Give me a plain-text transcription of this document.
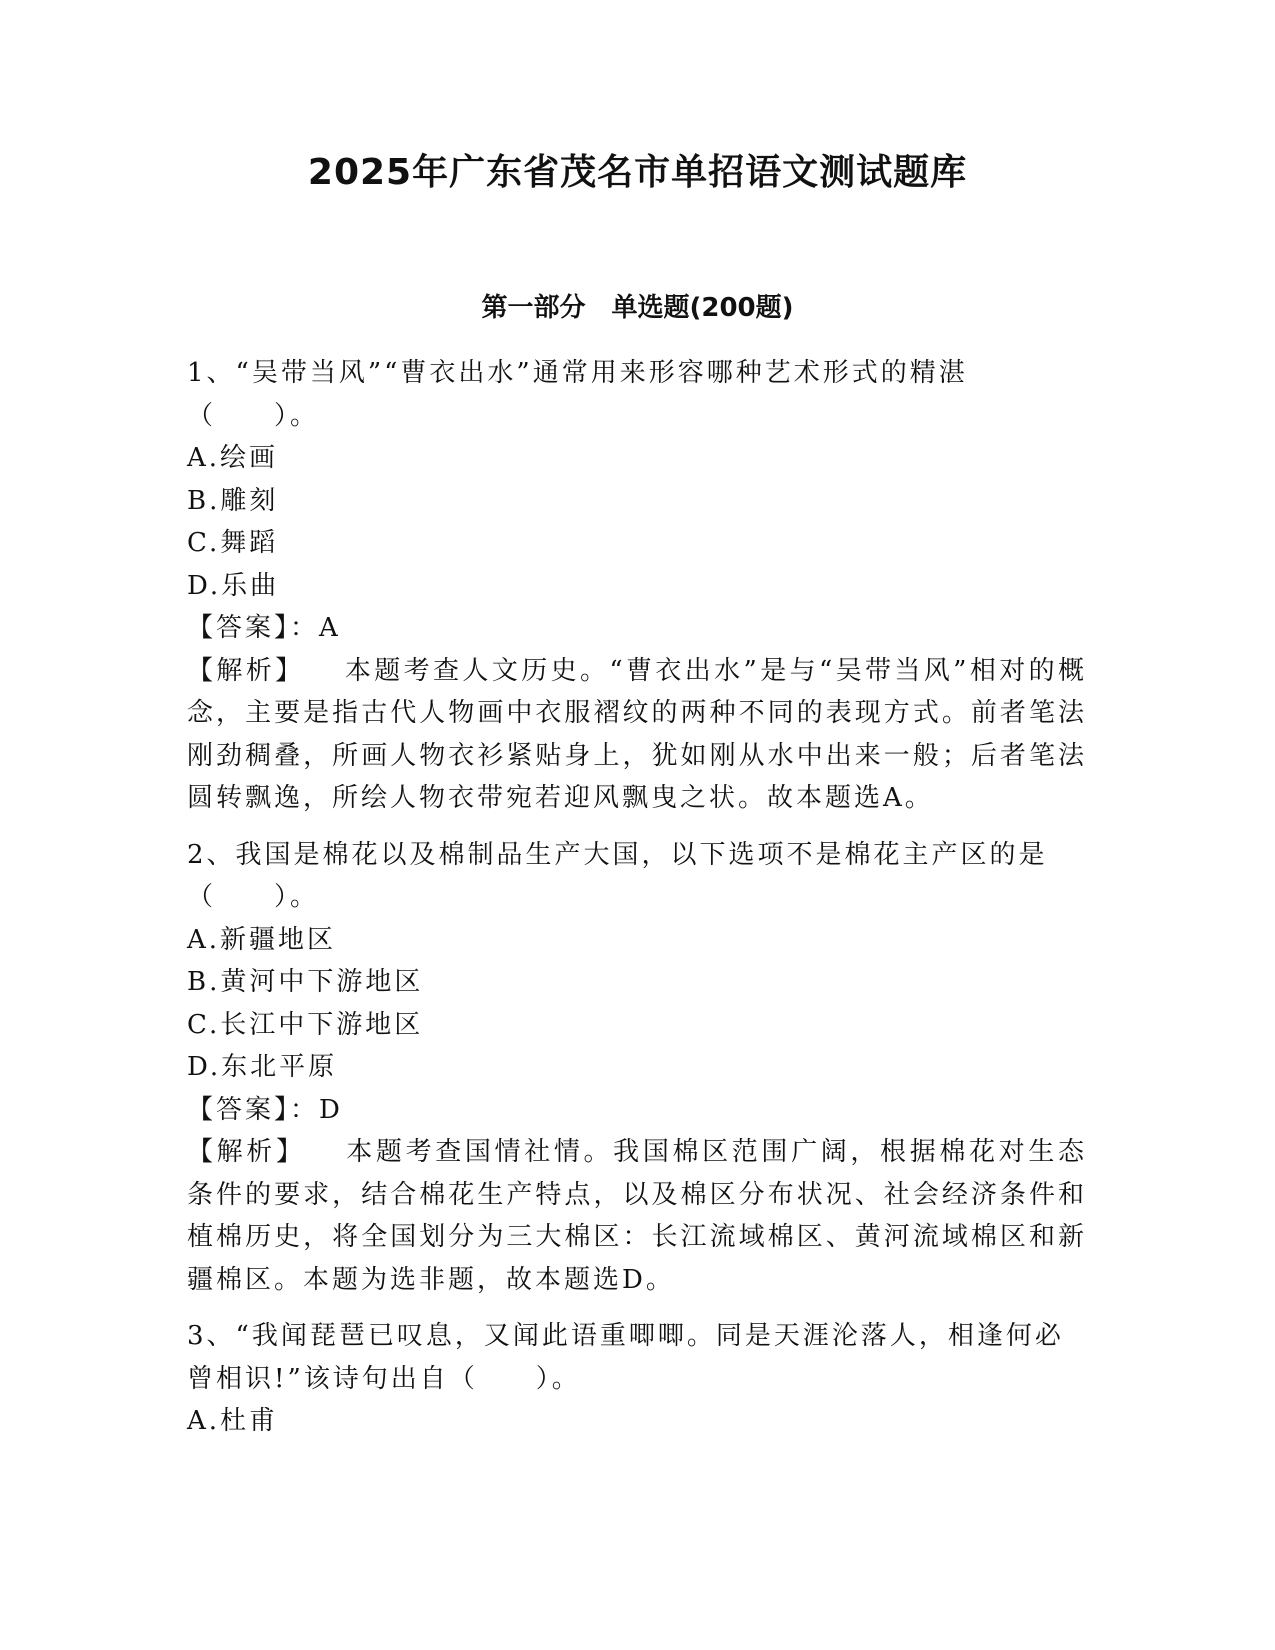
2025年广东省茂名市单招语文测试题库
第一部分　单选题(200题)

1、“吴带当风”“曹衣出水”通常用来形容哪种艺术形式的精湛（　　）。

A.绘画

B.雕刻

C.舞蹈

D.乐曲

【答案】：A

【解析】 本题考查人文历史。“曹衣出水”是与“吴带当风”相对的概念，主要是指古代人物画中衣服褶纹的两种不同的表现方式。前者笔法刚劲稠叠，所画人物衣衫紧贴身上，犹如刚从水中出来一般；后者笔法圆转飘逸，所绘人物衣带宛若迎风飘曳之状。故本题选A。

2、我国是棉花以及棉制品生产大国，以下选项不是棉花主产区的是（　　）。

A.新疆地区

B.黄河中下游地区

C.长江中下游地区

D.东北平原

【答案】：D

【解析】 本题考查国情社情。我国棉区范围广阔，根据棉花对生态条件的要求，结合棉花生产特点，以及棉区分布状况、社会经济条件和植棉历史，将全国划分为三大棉区：长江流域棉区、黄河流域棉区和新疆棉区。本题为选非题，故本题选D。

3、“我闻琵琶已叹息，又闻此语重唧唧。同是天涯沦落人，相逢何必曾相识!”该诗句出自（　　）。

A.杜甫
